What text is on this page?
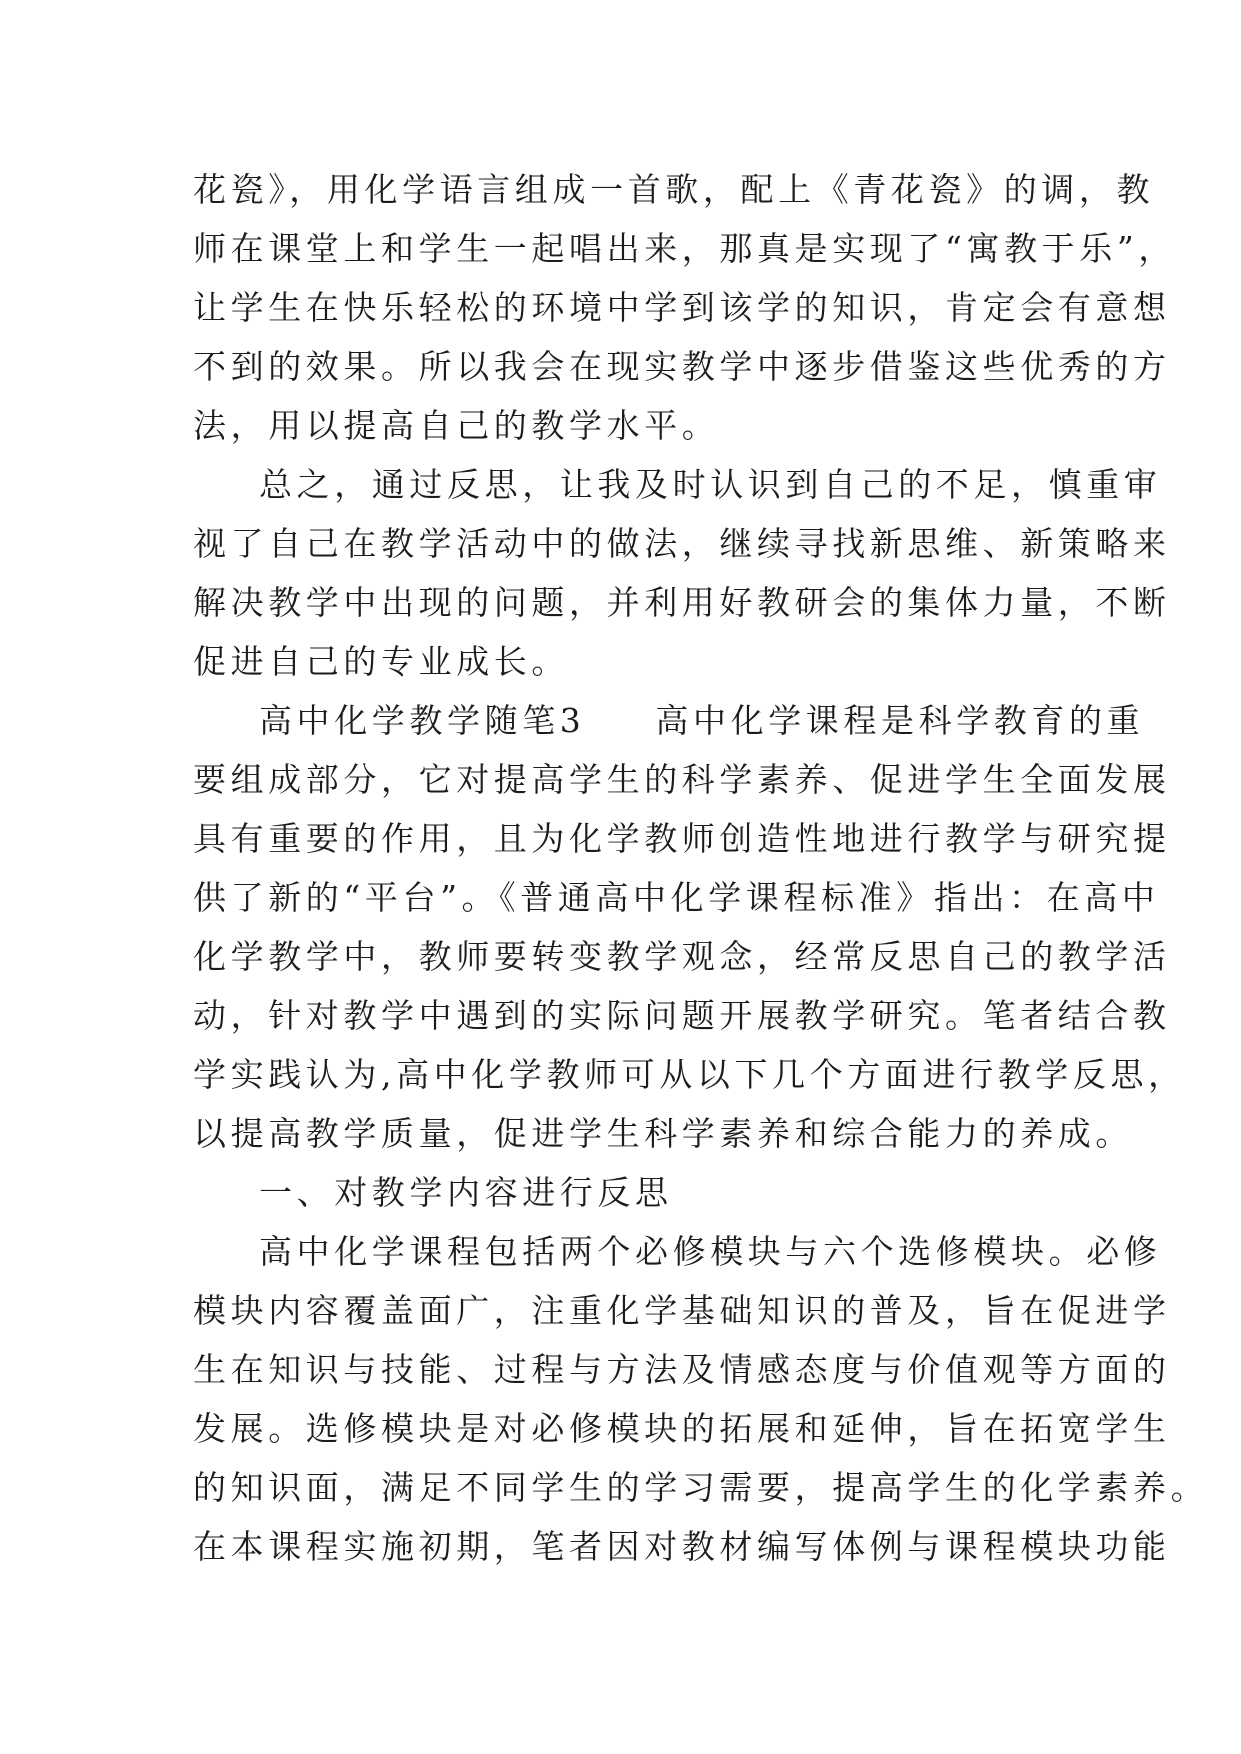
花瓷》，用化学语言组成一首歌，配上《青花瓷》的调，教
师在课堂上和学生一起唱出来，那真是实现了“寓教于乐”，
让学生在快乐轻松的环境中学到该学的知识，肯定会有意想
不到的效果。所以我会在现实教学中逐步借鉴这些优秀的方
法，用以提高自己的教学水平。
总之，通过反思，让我及时认识到自己的不足，慎重审
视了自己在教学活动中的做法，继续寻找新思维、新策略来
解决教学中出现的问题，并利用好教研会的集体力量，不断
促进自己的专业成长。
高中化学教学随笔3 高中化学课程是科学教育的重
要组成部分，它对提高学生的科学素养、促进学生全面发展
具有重要的作用，且为化学教师创造性地进行教学与研究提
供了新的“平台”。《普通高中化学课程标准》指出：在高中
化学教学中，教师要转变教学观念，经常反思自己的教学活
动，针对教学中遇到的实际问题开展教学研究。笔者结合教
学实践认为,高中化学教师可从以下几个方面进行教学反思，
以提高教学质量，促进学生科学素养和综合能力的养成。
一、对教学内容进行反思
高中化学课程包括两个必修模块与六个选修模块。必修
模块内容覆盖面广，注重化学基础知识的普及，旨在促进学
生在知识与技能、过程与方法及情感态度与价值观等方面的
发展。选修模块是对必修模块的拓展和延伸，旨在拓宽学生
的知识面，满足不同学生的学习需要，提高学生的化学素养。
在本课程实施初期，笔者因对教材编写体例与课程模块功能
